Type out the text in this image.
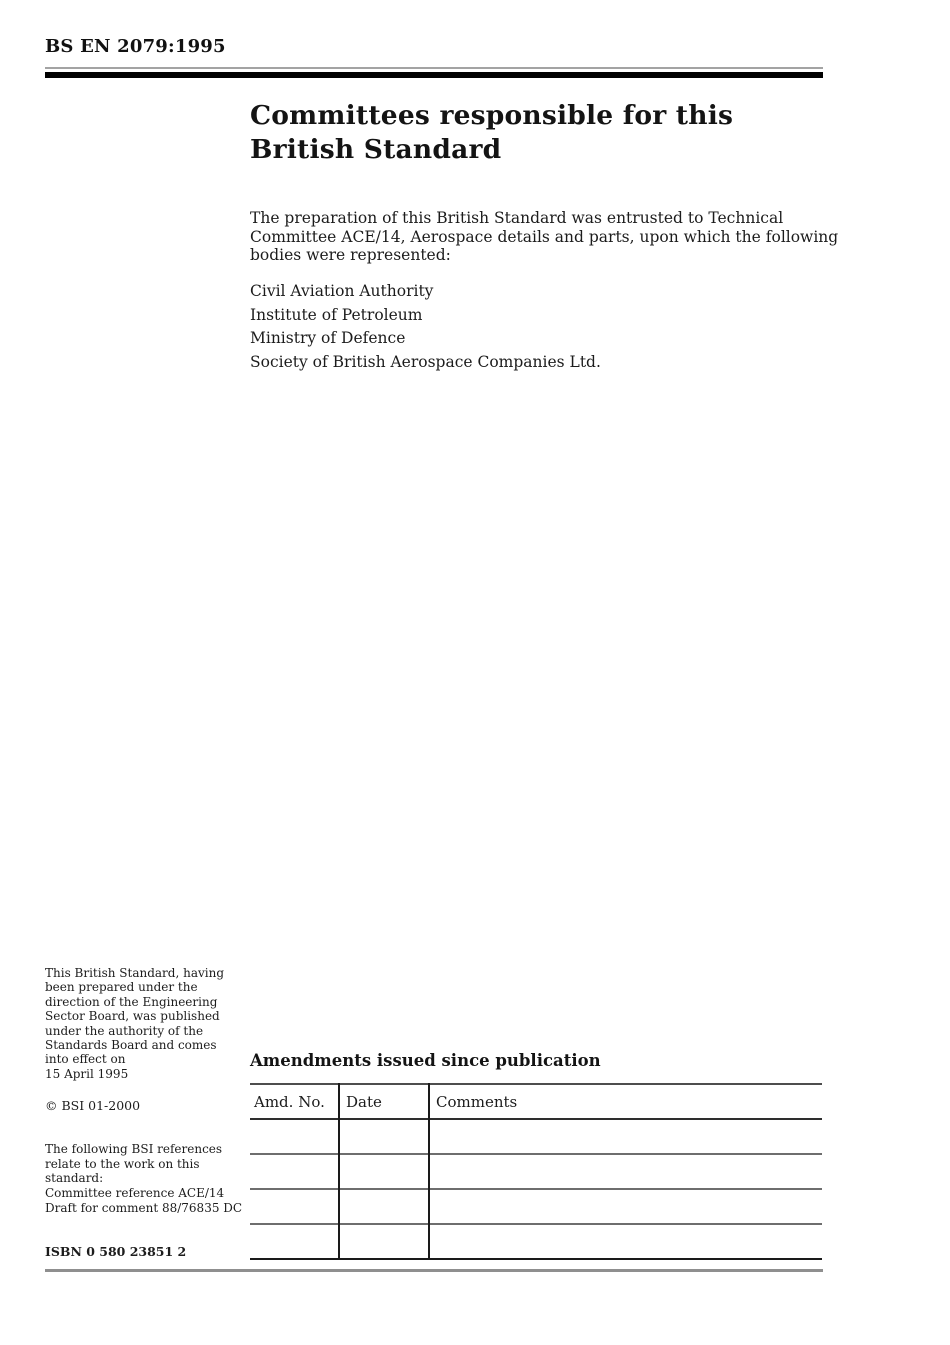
BS EN 2079:1995
Committees responsible for this
British Standard

The preparation of this British Standard was entrusted to Technical Committee ACE/14, Aerospace details and parts, upon which the following bodies were represented:

Civil Aviation Authority
Institute of Petroleum
Ministry of Defence
Society of British Aerospace Companies Ltd.
This British Standard, having
been prepared under the
direction of the Engineering
Sector Board, was published
under the authority of the
Standards Board and comes
into effect on
15 April 1995
© BSI 01-2000
The following BSI references
relate to the work on this
standard:
Committee reference ACE/14
Draft for comment 88/76835 DC
ISBN 0 580 23851 2
Amendments issued since publication
Amd. No.	Date	Comments
